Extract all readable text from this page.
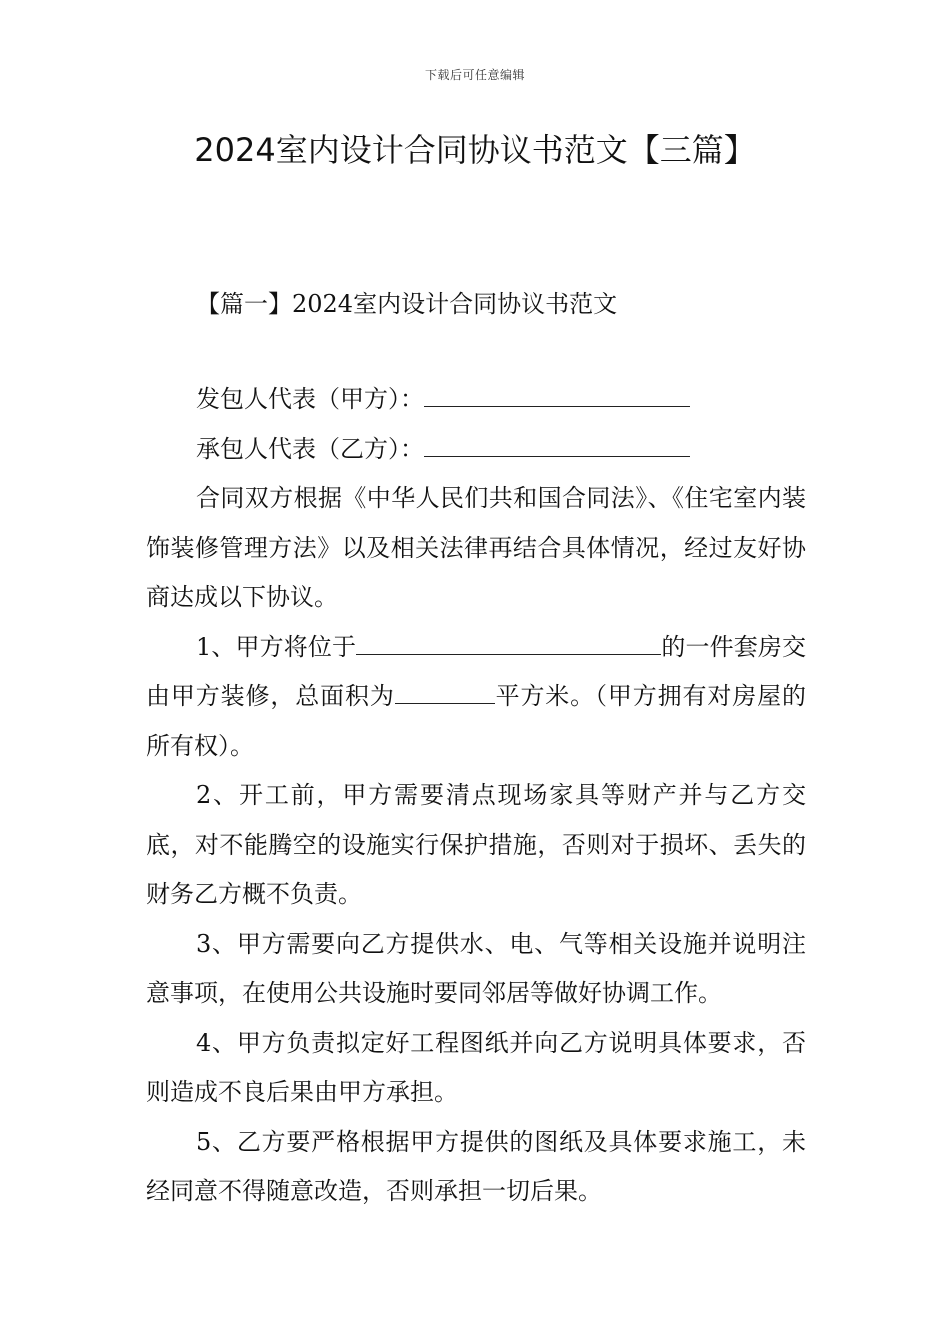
下载后可任意编辑
2024室内设计合同协议书范文【三篇】
【篇一】2024室内设计合同协议书范文

发包人代表（甲方）：

承包人代表（乙方）：

合同双方根据《中华人民们共和国合同法》、《住宅室内装饰装修管理方法》以及相关法律再结合具体情况，经过友好协商达成以下协议。

1、甲方将位于	的一件套房交由甲方装修，总面积为	平方米。（甲方拥有对房屋的所有权）。

2、开工前，甲方需要清点现场家具等财产并与乙方交底，对不能腾空的设施实行保护措施，否则对于损坏、丢失的财务乙方概不负责。

3、甲方需要向乙方提供水、电、气等相关设施并说明注意事项，在使用公共设施时要同邻居等做好协调工作。

4、甲方负责拟定好工程图纸并向乙方说明具体要求，否则造成不良后果由甲方承担。

5、乙方要严格根据甲方提供的图纸及具体要求施工，未经同意不得随意改造，否则承担一切后果。
